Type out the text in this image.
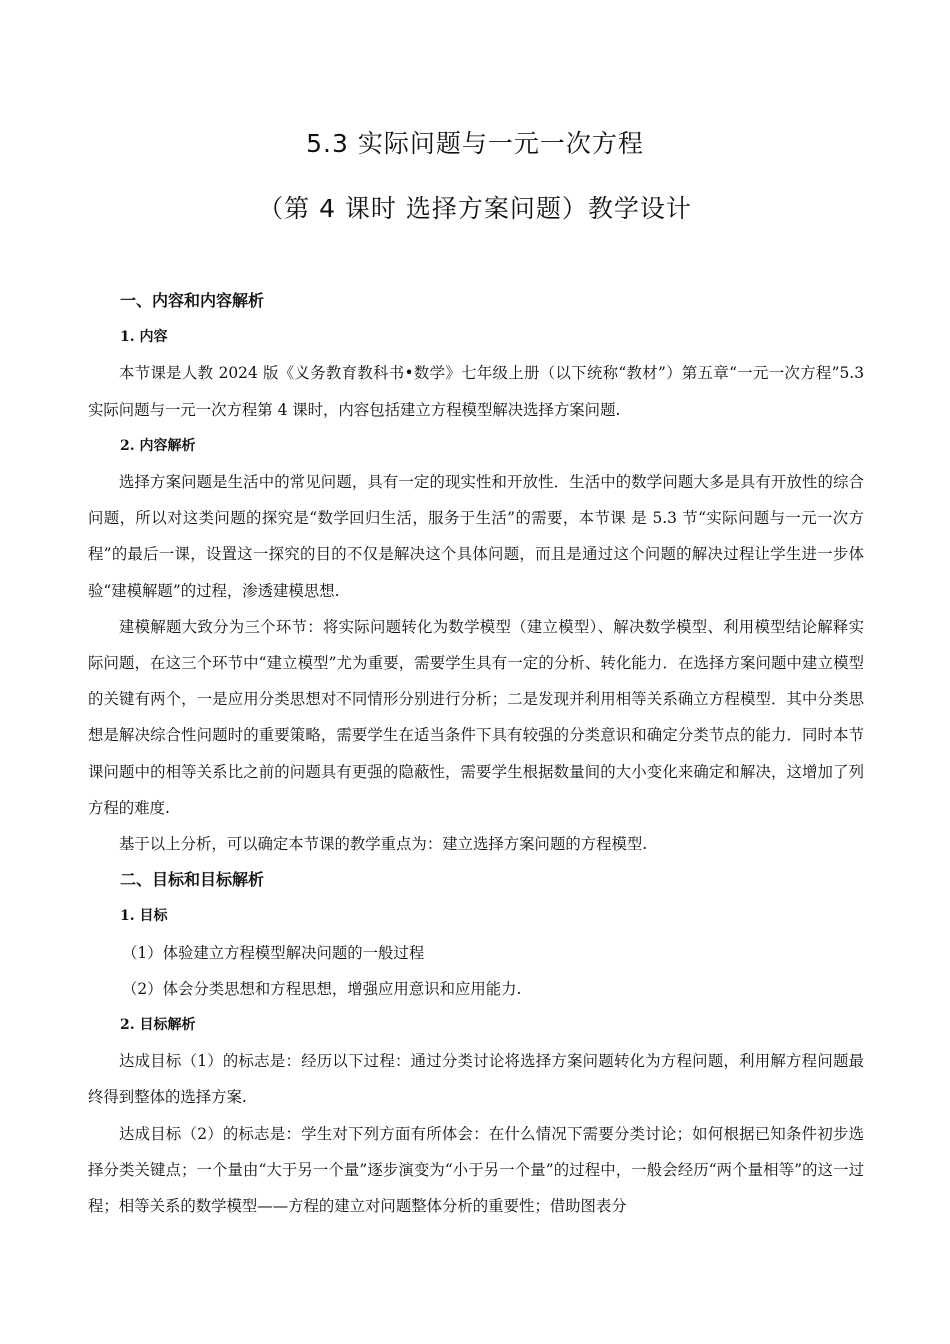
5.3 实际问题与一元一次方程
（第 4 课时 选择方案问题）教学设计
一、内容和内容解析
1. 内容
本节课是人教 2024 版《义务教育教科书•数学》七年级上册（以下统称“教材”）第五章“一元一次方程”5.3 实际问题与一元一次方程第 4 课时，内容包括建立方程模型解决选择方案问题.
2. 内容解析
选择方案问题是生活中的常见问题，具有一定的现实性和开放性．生活中的数学问题大多是具有开放性的综合问题，所以对这类问题的探究是“数学回归生活，服务于生活”的需要，本节课 是 5.3 节“实际问题与一元一次方程”的最后一课，设置这一探究的目的不仅是解决这个具体问题，而且是通过这个问题的解决过程让学生进一步体验“建模解题”的过程，渗透建模思想.
建模解题大致分为三个环节：将实际问题转化为数学模型（建立模型）、解决数学模型、利用模型结论解释实际问题，在这三个环节中“建立模型”尤为重要，需要学生具有一定的分析、转化能力．在选择方案问题中建立模型的关键有两个，一是应用分类思想对不同情形分别进行分析；二是发现并利用相等关系确立方程模型．其中分类思想是解决综合性问题时的重要策略，需要学生在适当条件下具有较强的分类意识和确定分类节点的能力．同时本节课问题中的相等关系比之前的问题具有更强的隐蔽性，需要学生根据数量间的大小变化来确定和解决，这增加了列方程的难度.
基于以上分析，可以确定本节课的教学重点为：建立选择方案问题的方程模型.
二、目标和目标解析
1. 目标
（1）体验建立方程模型解决问题的一般过程
（2）体会分类思想和方程思想，增强应用意识和应用能力.
2. 目标解析
达成目标（1）的标志是：经历以下过程：通过分类讨论将选择方案问题转化为方程问题，利用解方程问题最终得到整体的选择方案.
达成目标（2）的标志是：学生对下列方面有所体会：在什么情况下需要分类讨论；如何根据已知条件初步选择分类关键点；一个量由“大于另一个量”逐步演变为“小于另一个量”的过程中，一般会经历“两个量相等”的这一过程；相等关系的数学模型——方程的建立对问题整体分析的重要性；借助图表分
